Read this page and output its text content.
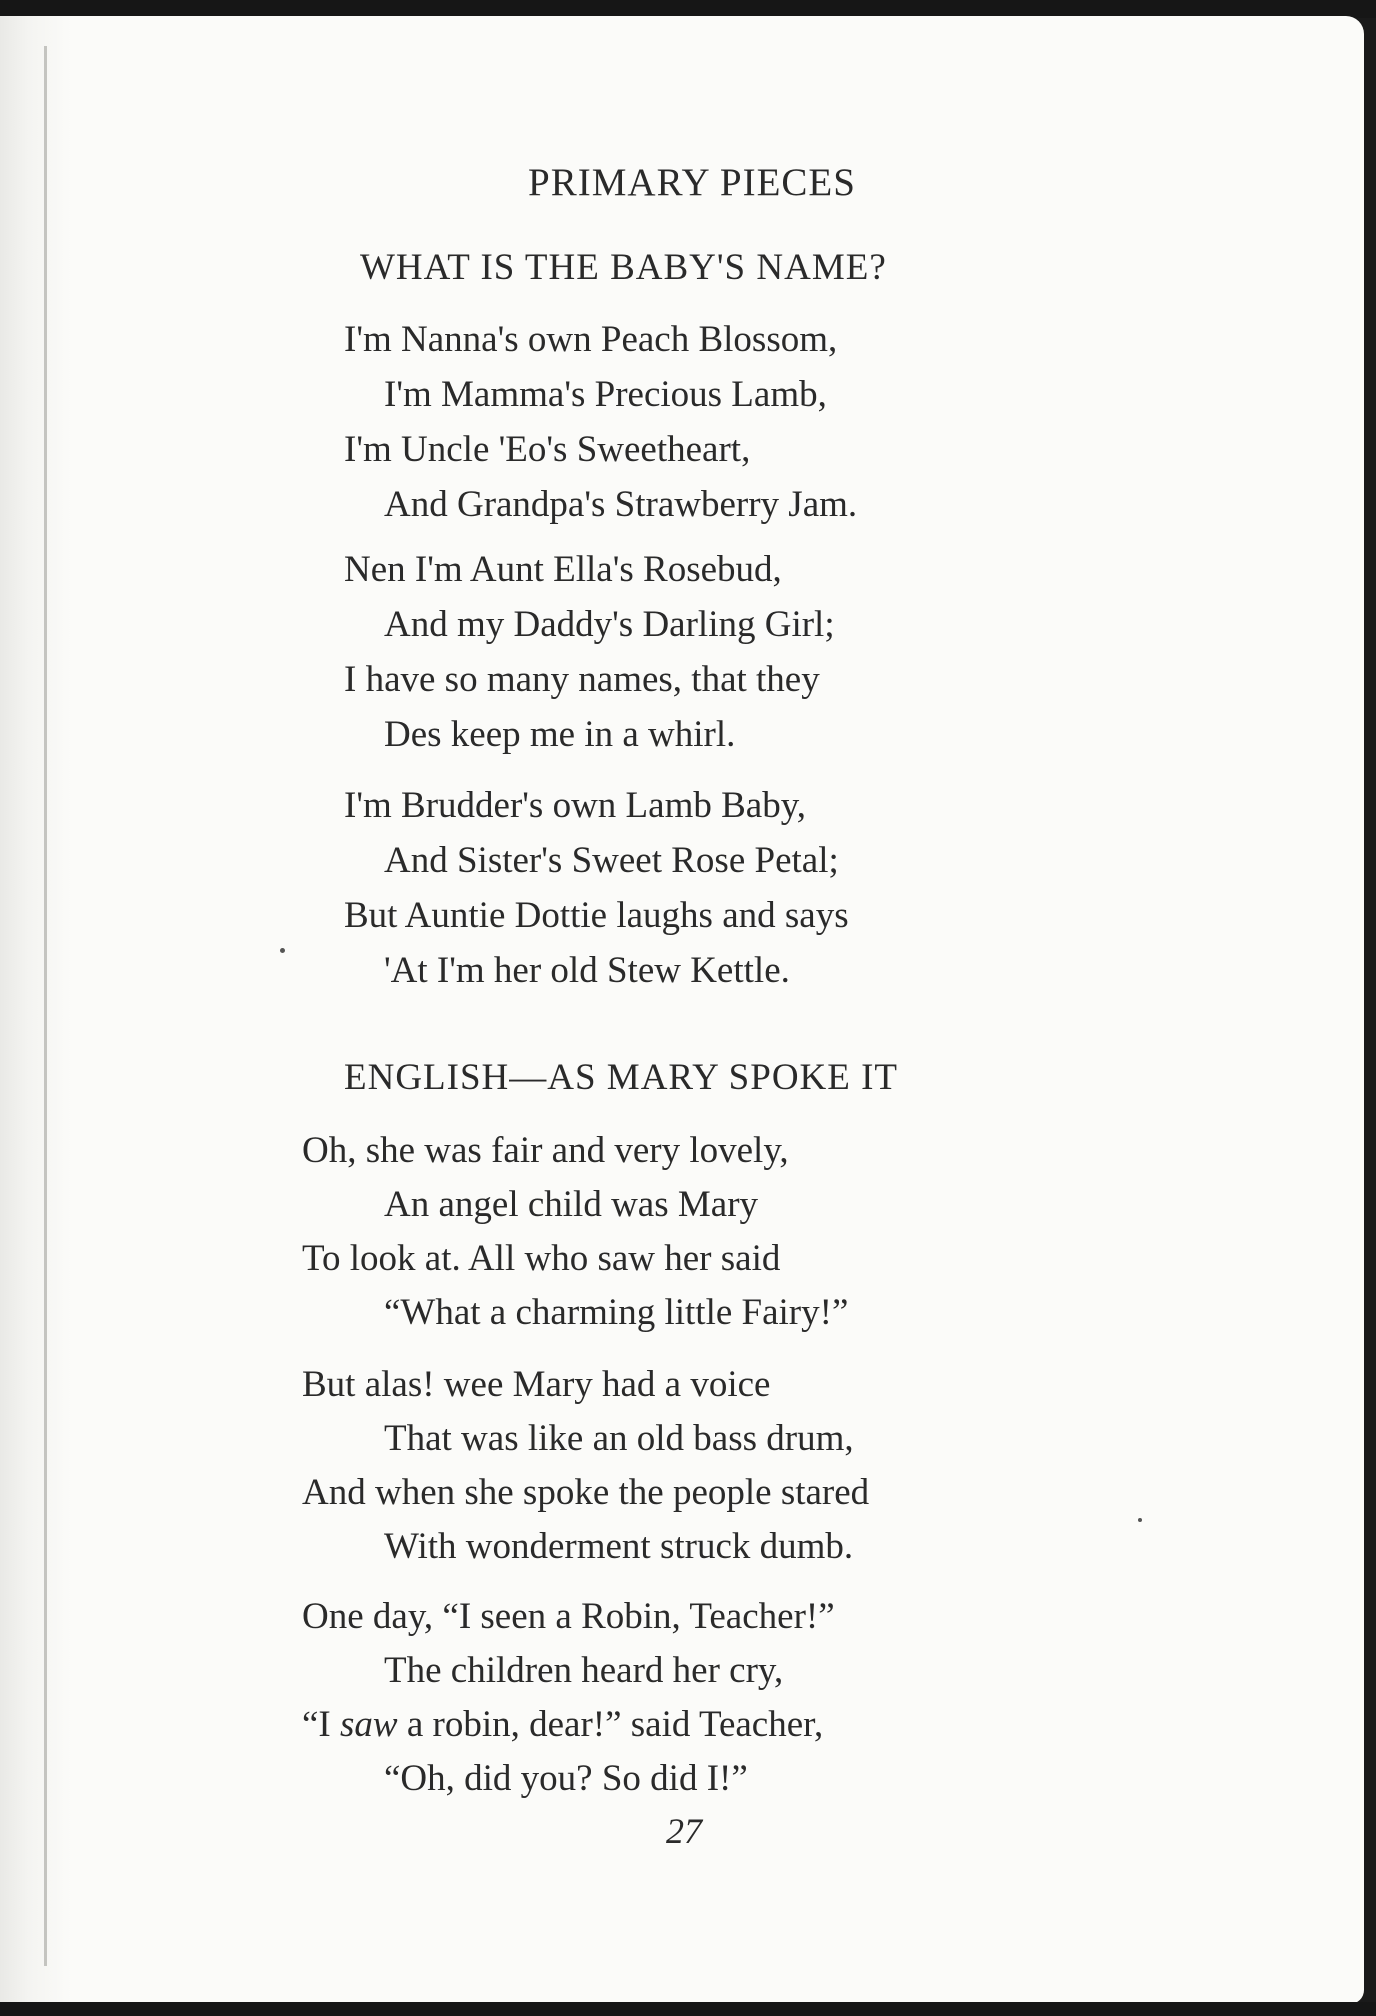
PRIMARY PIECES
WHAT IS THE BABY'S NAME?
I'm Nanna's own Peach Blossom,
I'm Mamma's Precious Lamb,
I'm Uncle 'Eo's Sweetheart,
And Grandpa's Strawberry Jam.
Nen I'm Aunt Ella's Rosebud,
And my Daddy's Darling Girl;
I have so many names, that they
Des keep me in a whirl.
I'm Brudder's own Lamb Baby,
And Sister's Sweet Rose Petal;
But Auntie Dottie laughs and says
'At I'm her old Stew Kettle.
ENGLISH—AS MARY SPOKE IT
Oh, she was fair and very lovely,
An angel child was Mary
To look at. All who saw her said
“What a charming little Fairy!”
But alas! wee Mary had a voice
That was like an old bass drum,
And when she spoke the people stared
With wonderment struck dumb.
One day, “I seen a Robin, Teacher!”
The children heard her cry,
“I saw a robin, dear!” said Teacher,
“Oh, did you? So did I!”
27
